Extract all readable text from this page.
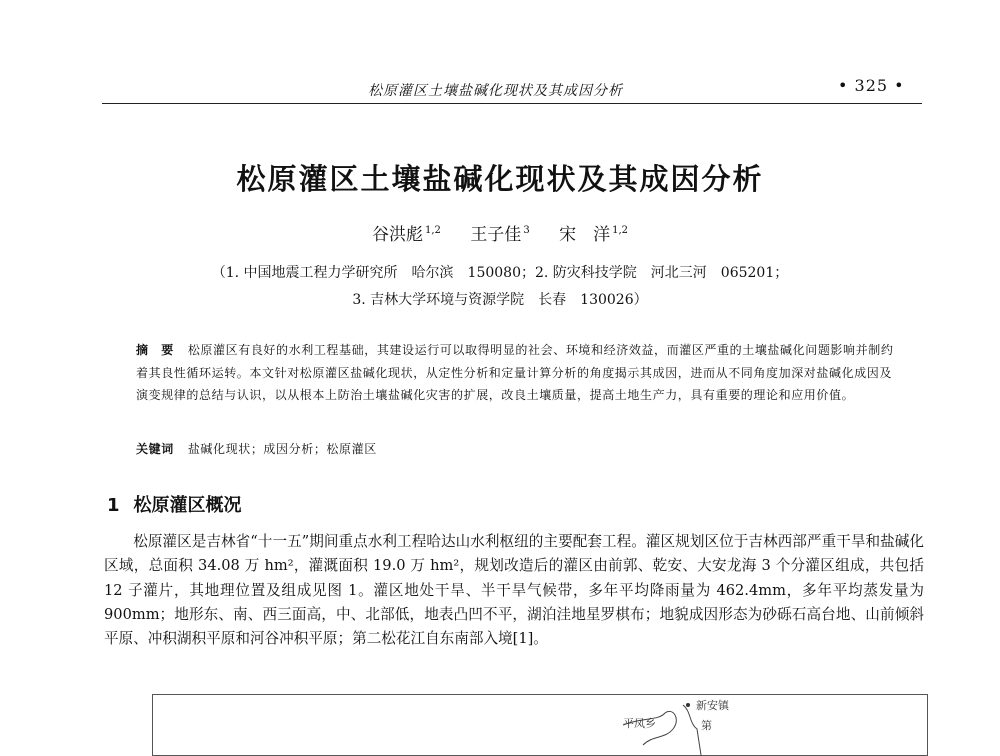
松原灌区土壤盐碱化现状及其成因分析	• 325 •
松原灌区土壤盐碱化现状及其成因分析
谷洪彪 $^{1,2}$ 王子佳 $^3$ 宋　洋 $^{1,2}$
（1. 中国地震工程力学研究所　哈尔滨　150080；2. 防灾科技学院　河北三河　065201；
3. 吉林大学环境与资源学院　长春　130026）
摘　要 松原灌区有良好的水利工程基础，其建设运行可以取得明显的社会、环境和经济效益，而灌区严重的土壤盐碱化问题影响并制约着其良性循环运转。本文针对松原灌区盐碱化现状，从定性分析和定量计算分析的角度揭示其成因，进而从不同角度加深对盐碱化成因及演变规律的总结与认识，以从根本上防治土壤盐碱化灾害的扩展，改良土壤质量，提高土地生产力，具有重要的理论和应用价值。
关键词 盐碱化现状；成因分析；松原灌区
1 松原灌区概况
松原灌区是吉林省“十一五”期间重点水利工程哈达山水利枢纽的主要配套工程。灌区规划区位于吉林西部严重干旱和盐碱化区域，总面积 34.08 万 hm²，灌溉面积 19.0 万 hm²，规划改造后的灌区由前郭、乾安、大安龙海 3 个分灌区组成，共包括 12 子灌片，其地理位置及组成见图 1。灌区地处干旱、半干旱气候带，多年平均降雨量为 462.4mm，多年平均蒸发量为 900mm；地形东、南、西三面高，中、北部低，地表凸凹不平，湖泊洼地星罗棋布；地貌成因形态为砂砾石高台地、山前倾斜平原、冲积湖积平原和河谷冲积平原；第二松花江自东南部入境[1]。
新安镇
平凤乡	第
